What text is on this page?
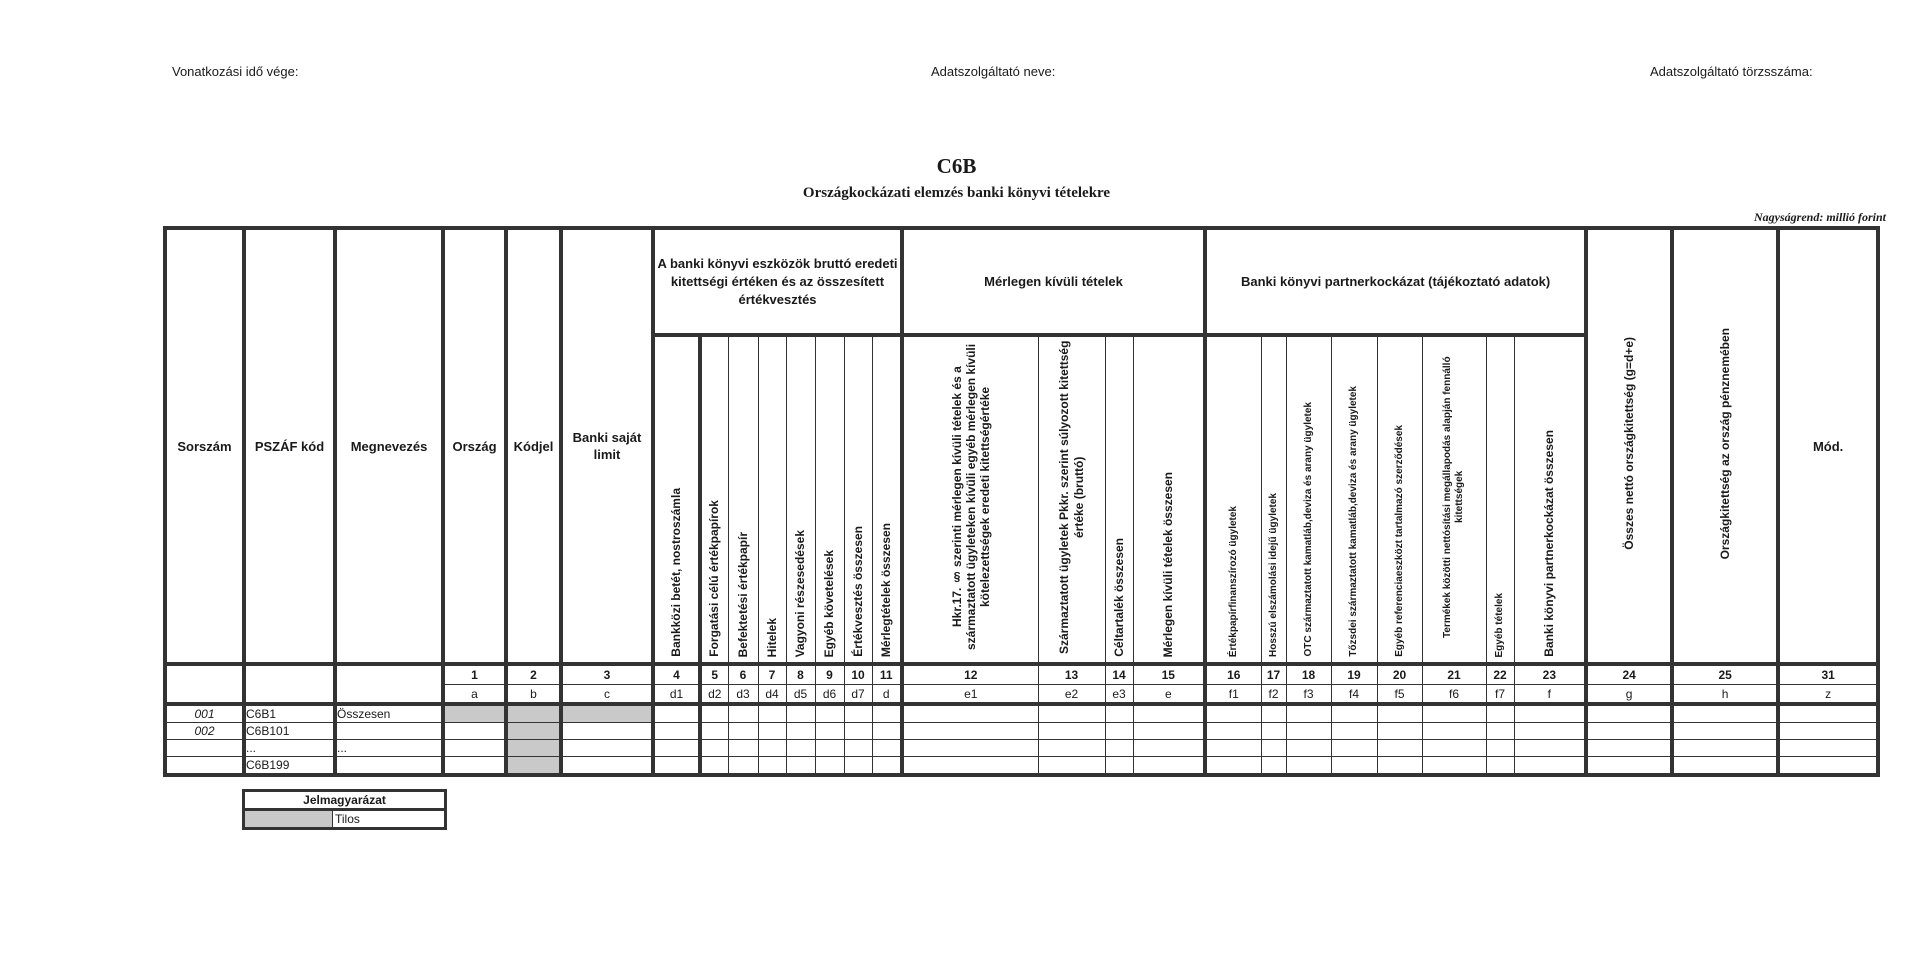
Vonatkozási idő vége:	Adatszolgáltató neve:	Adatszolgáltató törzsszáma:
C6B
Országkockázati elemzés banki könyvi tételekre
Nagyságrend: millió forint
Sorszám	PSZÁF kód	Megnevezés	Ország	Kódjel	Banki saját limit	A banki könyvi eszközök bruttó eredeti kitettségi értéken és az összesített értékvesztés								Mérlegen kívüli tételek				Banki könyvi partnerkockázat (tájékoztató adatok)								Összes nettó országkitettség (g=d+e)	Országkitettség az ország pénznemében	Mód.
						Bankközi betét, nostroszámla	Forgatási célú értékpapírok	Befektetési értékpapír	Hitelek	Vagyoni részesedések	Egyéb követelések	Értékvesztés összesen	Mérlegtételek összesen	Hkr.17. § szerinti mérlegen kívüli tételek és a származtatott ügyleteken kívüli egyéb mérlegen kívüli kötelezettségek eredeti kitettségértéke	Származtatott ügyletek Pkkr. szerint súlyozott kitettség értéke (bruttó)	Céltartalék összesen	Mérlegen kívüli tételek összesen	Értékpapírfinanszírozó ügyletek	Hosszú elszámolási idejű ügyletek	OTC származtatott kamatláb,deviza és arany ügyletek	Tőzsdei származtatott kamatláb,deviza és arany ügyletek	Egyéb referenciaeszközt tartalmazó szerződések	Termékek közötti nettósítási megállapodás alapján fennálló kitettségek	Egyéb tételek	Banki könyvi partnerkockázat összesen			
			1	2	3	4	5	6	7	8	9	10	11	12	13	14	15	16	17	18	19	20	21	22	23	24	25	31
			a	b	c	d1	d2	d3	d4	d5	d6	d7	d	e1	e2	e3	e	f1	f2	f3	f4	f5	f6	f7	f	g	h	z
001	C6B1	Összesen																										
002	C6B101																											
	...	...																										
	C6B199																											
Jelmagyarázat
	Tilos
